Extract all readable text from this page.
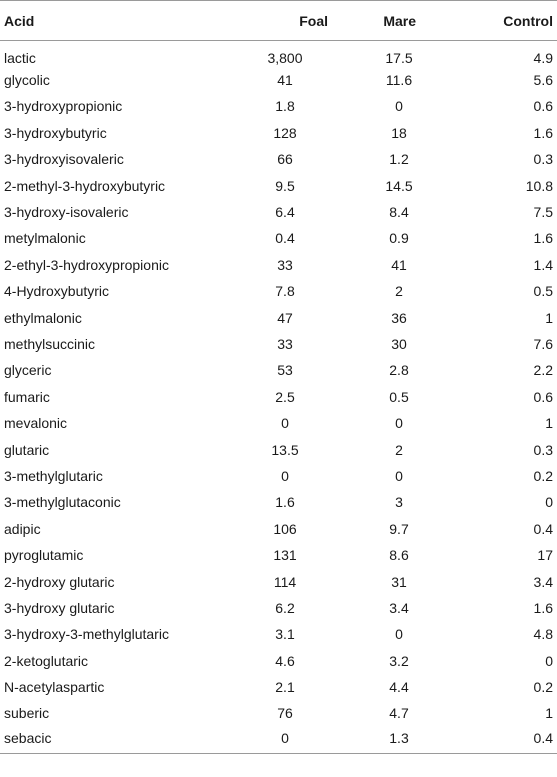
Acid	Foal	Mare	Control
lactic	3,800	17.5	4.9
glycolic	41	11.6	5.6
3-hydroxypropionic	1.8	0	0.6
3-hydroxybutyric	128	18	1.6
3-hydroxyisovaleric	66	1.2	0.3
2-methyl-3-hydroxybutyric	9.5	14.5	10.8
3-hydroxy-isovaleric	6.4	8.4	7.5
metylmalonic	0.4	0.9	1.6
2-ethyl-3-hydroxypropionic	33	41	1.4
4-Hydroxybutyric	7.8	2	0.5
ethylmalonic	47	36	1
methylsuccinic	33	30	7.6
glyceric	53	2.8	2.2
fumaric	2.5	0.5	0.6
mevalonic	0	0	1
glutaric	13.5	2	0.3
3-methylglutaric	0	0	0.2
3-methylglutaconic	1.6	3	0
adipic	106	9.7	0.4
pyroglutamic	131	8.6	17
2-hydroxy glutaric	114	31	3.4
3-hydroxy glutaric	6.2	3.4	1.6
3-hydroxy-3-methylglutaric	3.1	0	4.8
2-ketoglutaric	4.6	3.2	0
N-acetylaspartic	2.1	4.4	0.2
suberic	76	4.7	1
sebacic	0	1.3	0.4
